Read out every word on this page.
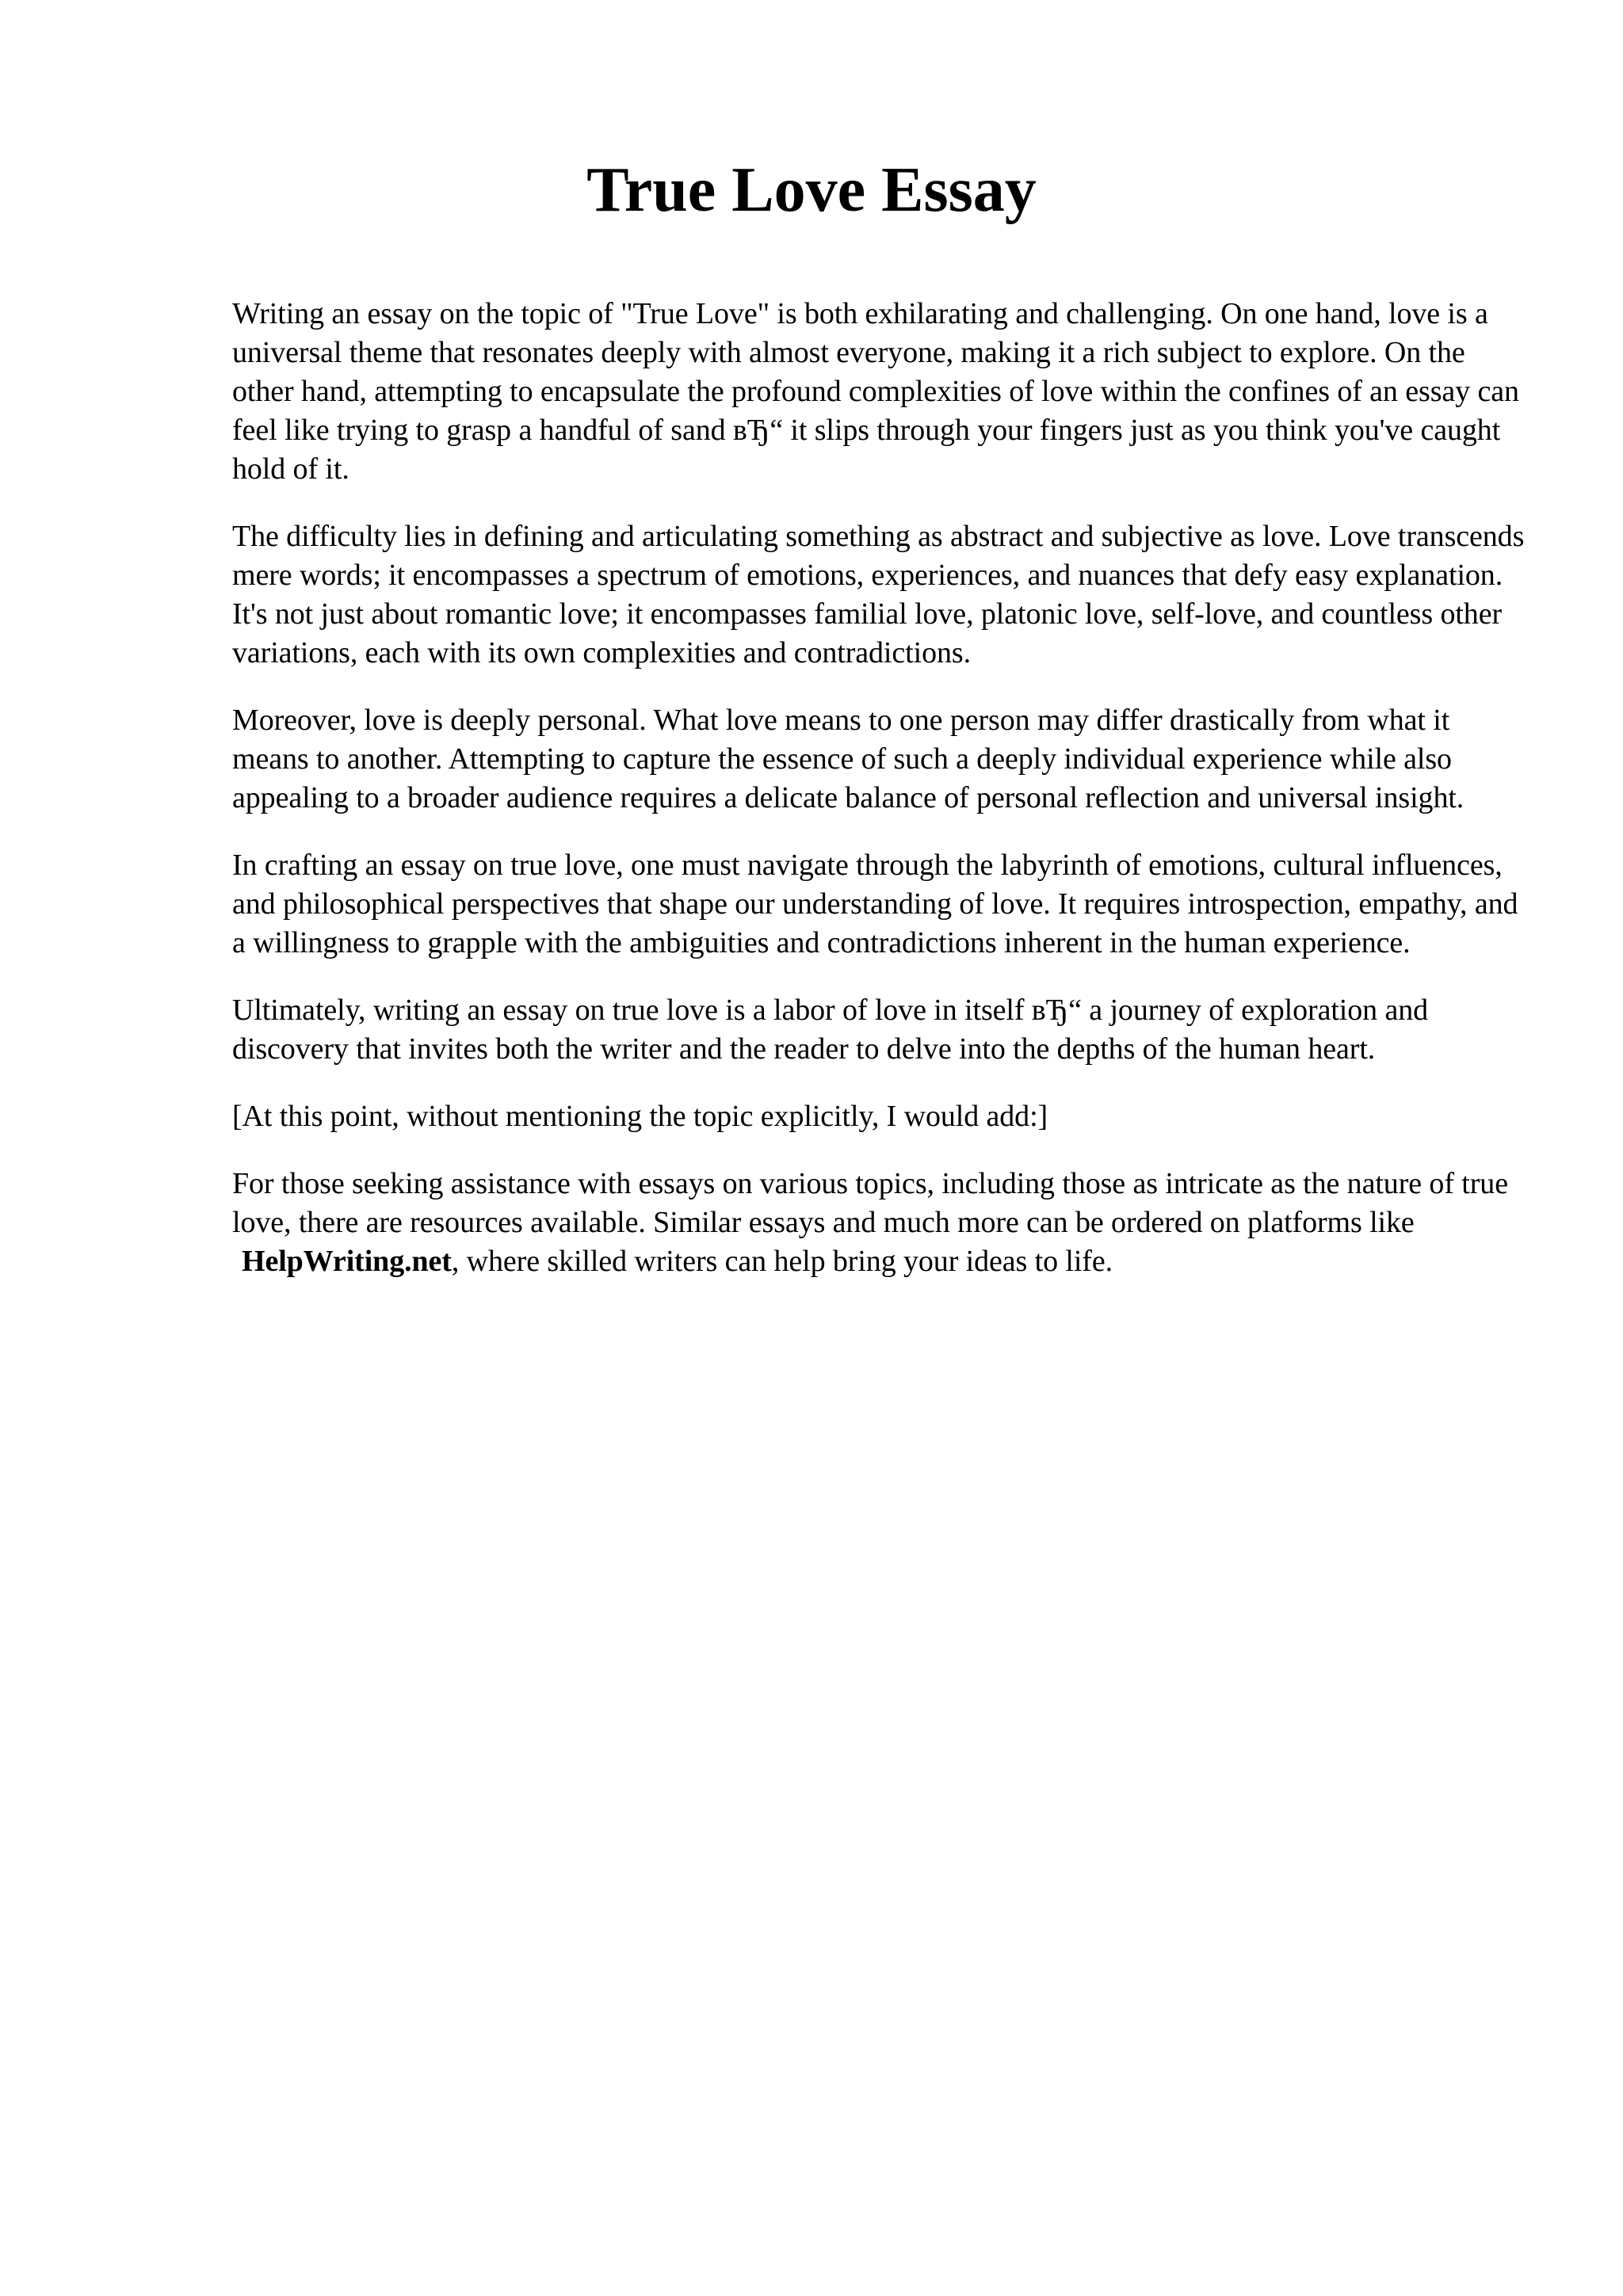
True Love Essay

Writing an essay on the topic of "True Love" is both exhilarating and challenging. On one hand, love is a universal theme that resonates deeply with almost everyone, making it a rich subject to explore. On the other hand, attempting to encapsulate the profound complexities of love within the confines of an essay can feel like trying to grasp a handful of sand вЂ“ it slips through your fingers just as you think you've caught hold of it.

The difficulty lies in defining and articulating something as abstract and subjective as love. Love transcends mere words; it encompasses a spectrum of emotions, experiences, and nuances that defy easy explanation. It's not just about romantic love; it encompasses familial love, platonic love, self-love, and countless other variations, each with its own complexities and contradictions.

Moreover, love is deeply personal. What love means to one person may differ drastically from what it means to another. Attempting to capture the essence of such a deeply individual experience while also appealing to a broader audience requires a delicate balance of personal reflection and universal insight.

In crafting an essay on true love, one must navigate through the labyrinth of emotions, cultural influences, and philosophical perspectives that shape our understanding of love. It requires introspection, empathy, and a willingness to grapple with the ambiguities and contradictions inherent in the human experience.

Ultimately, writing an essay on true love is a labor of love in itself вЂ“ a journey of exploration and discovery that invites both the writer and the reader to delve into the depths of the human heart.

[At this point, without mentioning the topic explicitly, I would add:]

For those seeking assistance with essays on various topics, including those as intricate as the nature of true love, there are resources available. Similar essays and much more can be ordered on platforms like HelpWriting.net, where skilled writers can help bring your ideas to life.
